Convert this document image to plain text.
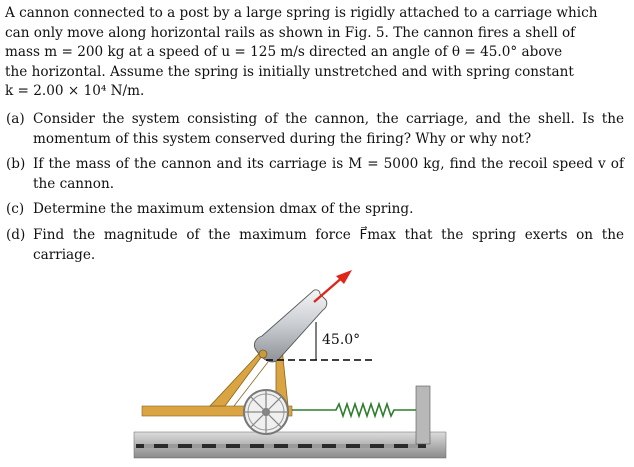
A cannon connected to a post by a large spring is rigidly attached to a carriage which

can only move along horizontal rails as shown in Fig. 5. The cannon fires a shell of

mass m = 200 kg at a speed of u = 125 m/s directed an angle of θ = 45.0° above

the horizontal. Assume the spring is initially unstretched and with spring constant

k = 2.00 × 10⁴ N/m.

(a) Consider the system consisting of the cannon, the carriage, and the shell. Is the momentum of this system conserved during the firing? Why or why not?
(b) If the mass of the cannon and its carriage is M = 5000 kg, find the recoil speed v of the cannon.
(c) Determine the maximum extension dmax of the spring.
(d) Find the magnitude of the maximum force F⃗max that the spring exerts on the carriage.
45.0°
